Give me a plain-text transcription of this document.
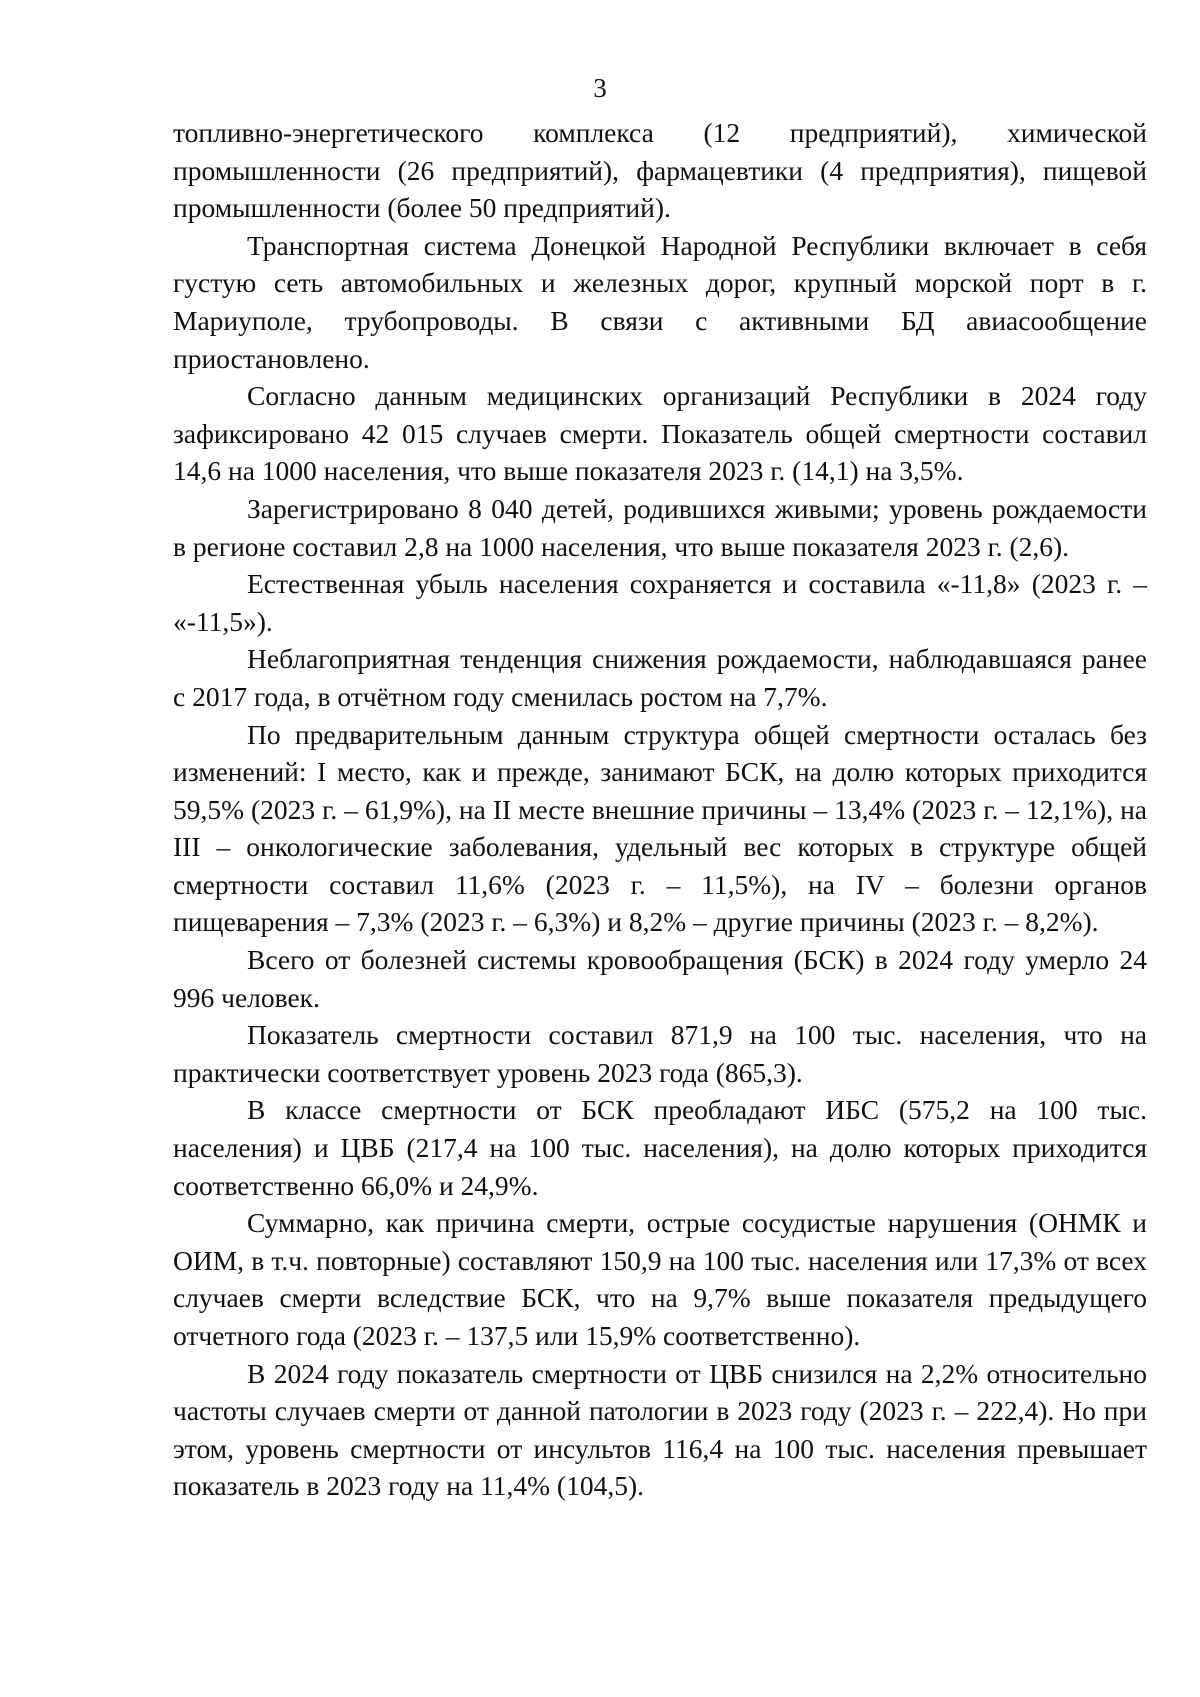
3

топливно-энергетического комплекса (12 предприятий), химической промышленности (26 предприятий), фармацевтики (4 предприятия), пищевой промышленности (более 50 предприятий).

Транспортная система Донецкой Народной Республики включает в себя густую сеть автомобильных и железных дорог, крупный морской порт в г. Мариуполе, трубопроводы. В связи с активными БД авиасообщение приостановлено.

Согласно данным медицинских организаций Республики в 2024 году зафиксировано 42 015 случаев смерти. Показатель общей смертности составил 14,6 на 1000 населения, что выше показателя 2023 г. (14,1) на 3,5%.

Зарегистрировано 8 040 детей, родившихся живыми; уровень рождаемости в регионе составил 2,8 на 1000 населения, что выше показателя 2023 г. (2,6).

Естественная убыль населения сохраняется и составила «-11,8» (2023 г. – «-11,5»).

Неблагоприятная тенденция снижения рождаемости, наблюдавшаяся ранее с 2017 года, в отчётном году сменилась ростом на 7,7%.

По предварительным данным структура общей смертности осталась без изменений: I место, как и прежде, занимают БСК, на долю которых приходится 59,5% (2023 г. – 61,9%), на II месте внешние причины – 13,4% (2023 г. – 12,1%), на III – онкологические заболевания, удельный вес которых в структуре общей смертности составил 11,6% (2023 г. – 11,5%), на IV – болезни органов пищеварения – 7,3% (2023 г. – 6,3%) и 8,2% – другие причины (2023 г. – 8,2%).

Всего от болезней системы кровообращения (БСК) в 2024 году умерло 24 996 человек.

Показатель смертности составил 871,9 на 100 тыс. населения, что на практически соответствует уровень 2023 года (865,3).

В классе смертности от БСК преобладают ИБС (575,2 на 100 тыс. населения) и ЦВБ (217,4 на 100 тыс. населения), на долю которых приходится соответственно 66,0% и 24,9%.

Суммарно, как причина смерти, острые сосудистые нарушения (ОНМК и ОИМ, в т.ч. повторные) составляют 150,9 на 100 тыс. населения или 17,3% от всех случаев смерти вследствие БСК, что на 9,7% выше показателя предыдущего отчетного года (2023 г. – 137,5 или 15,9% соответственно).

В 2024 году показатель смертности от ЦВБ снизился на 2,2% относительно частоты случаев смерти от данной патологии в 2023 году (2023 г. – 222,4). Но при этом, уровень смертности от инсультов 116,4 на 100 тыс. населения превышает показатель в 2023 году на 11,4% (104,5).
